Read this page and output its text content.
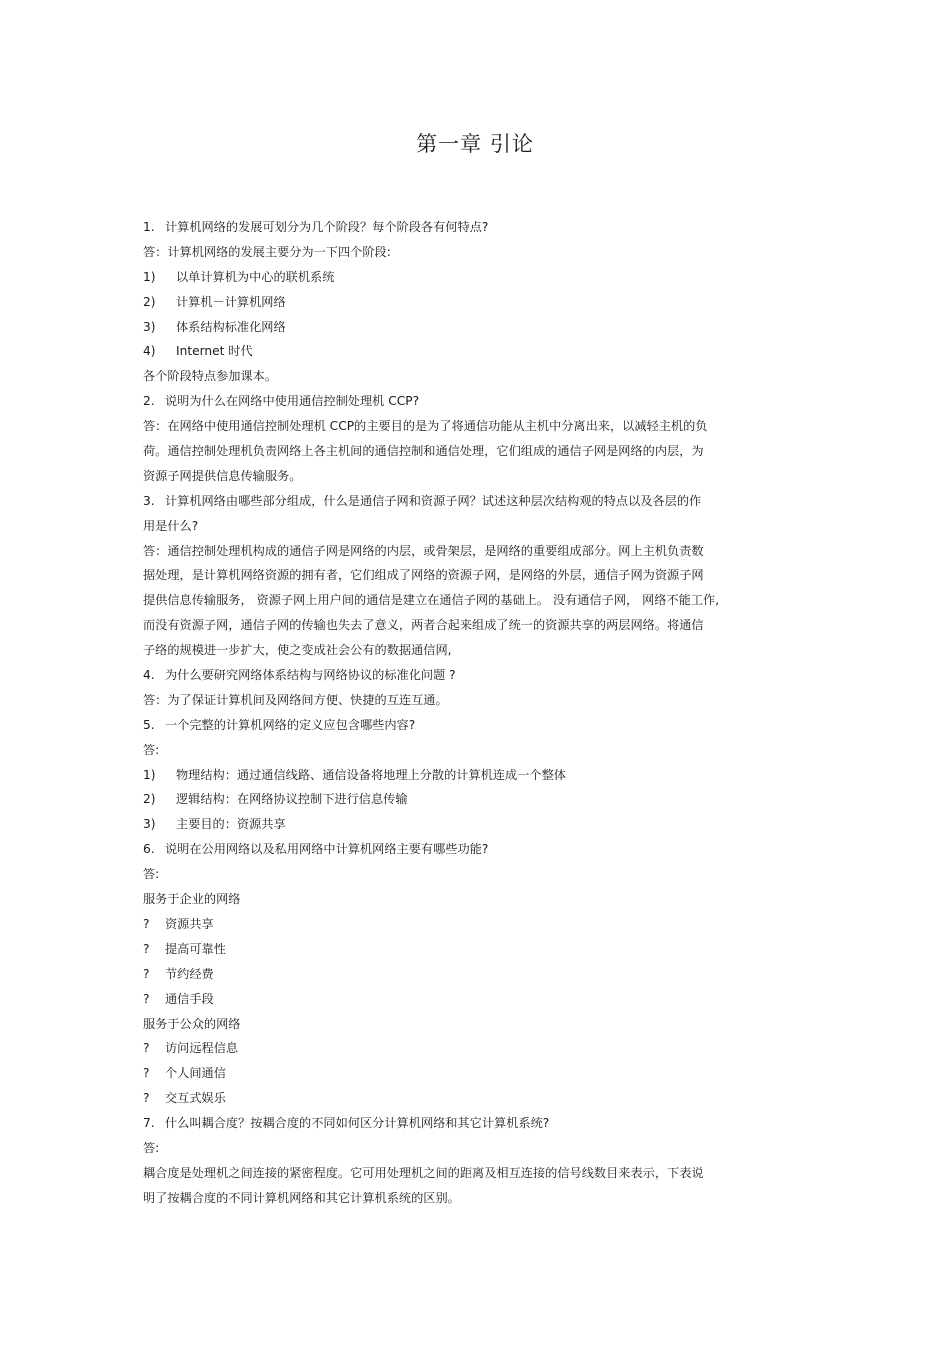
第一章 引论
1. 计算机网络的发展可划分为几个阶段？每个阶段各有何特点?
答：计算机网络的发展主要分为一下四个阶段:
1) 以单计算机为中心的联机系统
2) 计算机－计算机网络
3) 体系结构标准化网络
4) Internet 时代
各个阶段特点参加课本。
2. 说明为什么在网络中使用通信控制处理机 CCP?
答：在网络中使用通信控制处理机 CCP的主要目的是为了将通信功能从主机中分离出来，以减轻主机的负
荷。通信控制处理机负责网络上各主机间的通信控制和通信处理，它们组成的通信子网是网络的内层，为
资源子网提供信息传输服务。
3. 计算机网络由哪些部分组成，什么是通信子网和资源子网？试述这种层次结构观的特点以及各层的作
用是什么?
答：通信控制处理机构成的通信子网是网络的内层，或骨架层，是网络的重要组成部分。网上主机负责数
据处理，是计算机网络资源的拥有者，它们组成了网络的资源子网，是网络的外层，通信子网为资源子网
提供信息传输服务， 资源子网上用户间的通信是建立在通信子网的基础上。 没有通信子网， 网络不能工作,
而没有资源子网，通信子网的传输也失去了意义，两者合起来组成了统一的资源共享的两层网络。将通信
子络的规模进一步扩大，使之变成社会公有的数据通信网,
4. 为什么要研究网络体系结构与网络协议的标准化问题 ?
答：为了保证计算机间及网络间方便、快捷的互连互通。
5. 一个完整的计算机网络的定义应包含哪些内容?
答:
1) 物理结构：通过通信线路、通信设备将地理上分散的计算机连成一个整体
2) 逻辑结构：在网络协议控制下进行信息传输
3) 主要目的：资源共享
6. 说明在公用网络以及私用网络中计算机网络主要有哪些功能?
答:
服务于企业的网络
? 资源共享
? 提高可靠性
? 节约经费
? 通信手段
服务于公众的网络
? 访问远程信息
? 个人间通信
? 交互式娱乐
7. 什么叫耦合度？按耦合度的不同如何区分计算机网络和其它计算机系统?
答:
耦合度是处理机之间连接的紧密程度。它可用处理机之间的距离及相互连接的信号线数目来表示，下表说
明了按耦合度的不同计算机网络和其它计算机系统的区别。
